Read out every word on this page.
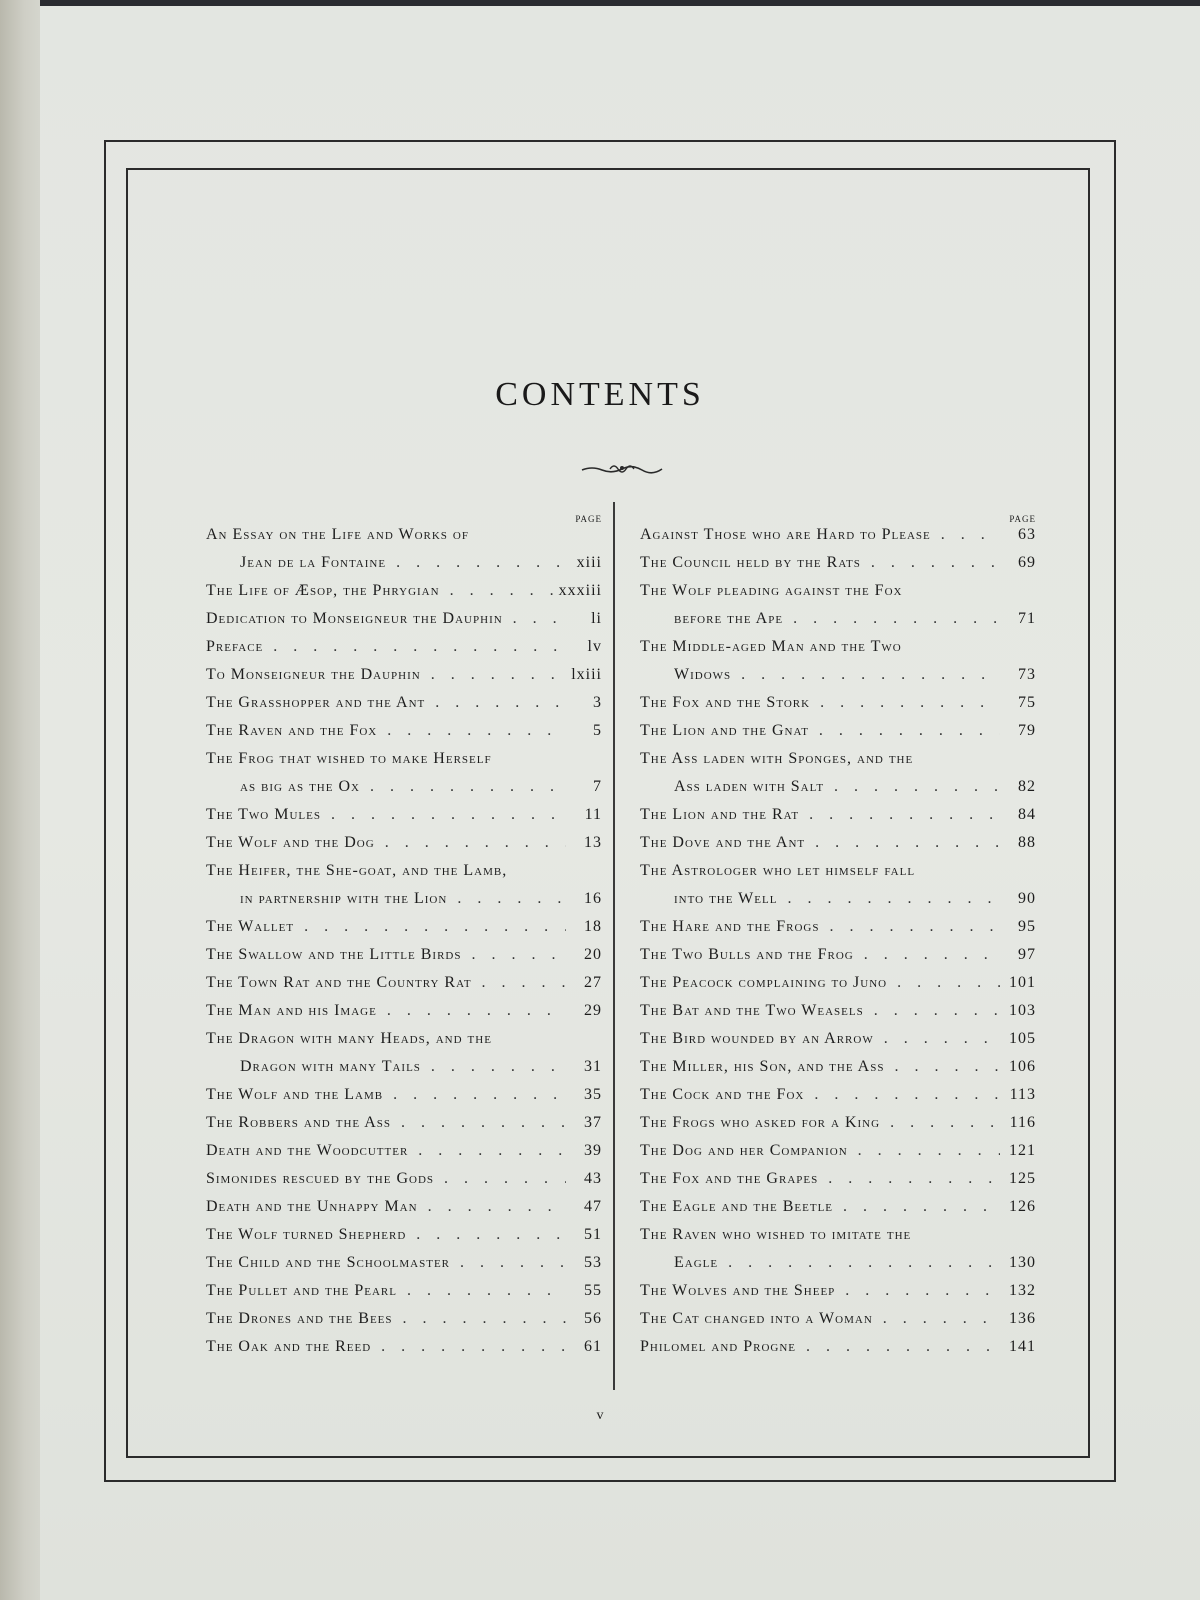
CONTENTS
PAGE
An Essay on the Life and Works of
Jean de la Fontaine . . .	xiii
The Life of Æsop, the Phrygian . . .	xxxiii
Dedication to Monseigneur the Dauphin . . .	li
Preface . . .	lv
To Monseigneur the Dauphin . . .	lxiii
The Grasshopper and the Ant . . .	3
The Raven and the Fox . . .	5
The Frog that wished to make Herself
as big as the Ox . . .	7
The Two Mules . . .	11
The Wolf and the Dog . . .	13
The Heifer, the She-goat, and the Lamb,
in partnership with the Lion . . .	16
The Wallet . . .	18
The Swallow and the Little Birds . . .	20
The Town Rat and the Country Rat . . .	27
The Man and his Image . . .	29
The Dragon with many Heads, and the
Dragon with many Tails . . .	31
The Wolf and the Lamb . . .	35
The Robbers and the Ass . . .	37
Death and the Woodcutter . . .	39
Simonides rescued by the Gods . . .	43
Death and the Unhappy Man . . .	47
The Wolf turned Shepherd . . .	51
The Child and the Schoolmaster . . .	53
The Pullet and the Pearl . . .	55
The Drones and the Bees . . .	56
The Oak and the Reed . . .	61
PAGE
Against Those who are Hard to Please . . .	63
The Council held by the Rats . . .	69
The Wolf pleading against the Fox
before the Ape . . .	71
The Middle-aged Man and the Two
Widows . . .	73
The Fox and the Stork . . .	75
The Lion and the Gnat . . .	79
The Ass laden with Sponges, and the
Ass laden with Salt . . .	82
The Lion and the Rat . . .	84
The Dove and the Ant . . .	88
The Astrologer who let himself fall
into the Well . . .	90
The Hare and the Frogs . . .	95
The Two Bulls and the Frog . . .	97
The Peacock complaining to Juno . . .	101
The Bat and the Two Weasels . . .	103
The Bird wounded by an Arrow . . .	105
The Miller, his Son, and the Ass . . .	106
The Cock and the Fox . . .	113
The Frogs who asked for a King . . .	116
The Dog and her Companion . . .	121
The Fox and the Grapes . . .	125
The Eagle and the Beetle . . .	126
The Raven who wished to imitate the
Eagle . . .	130
The Wolves and the Sheep . . .	132
The Cat changed into a Woman . . .	136
Philomel and Progne . . .	141
v
